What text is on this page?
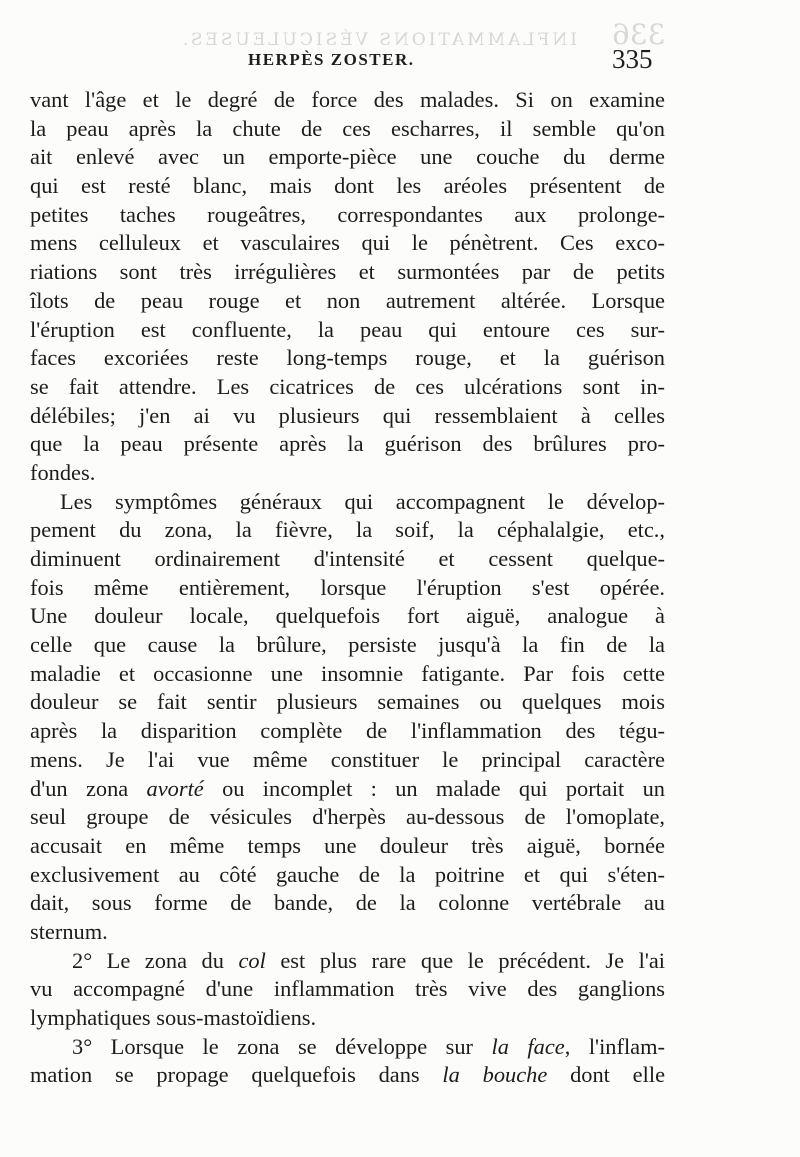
INFLAMMATIONS VÉSICULEUSES. 336
HERPÈS ZOSTER.	335
vant l'âge et le degré de force des malades. Si on examine
la peau après la chute de ces escharres, il semble qu'on
ait enlevé avec un emporte-pièce une couche du derme
qui est resté blanc, mais dont les aréoles présentent de
petites taches rougeâtres, correspondantes aux prolonge-
mens celluleux et vasculaires qui le pénètrent. Ces exco-
riations sont très irrégulières et surmontées par de petits
îlots de peau rouge et non autrement altérée. Lorsque
l'éruption est confluente, la peau qui entoure ces sur-
faces excoriées reste long-temps rouge, et la guérison
se fait attendre. Les cicatrices de ces ulcérations sont in-
délébiles; j'en ai vu plusieurs qui ressemblaient à celles
que la peau présente après la guérison des brûlures pro-
fondes.
Les symptômes généraux qui accompagnent le dévelop-
pement du zona, la fièvre, la soif, la céphalalgie, etc.,
diminuent ordinairement d'intensité et cessent quelque-
fois même entièrement, lorsque l'éruption s'est opérée.
Une douleur locale, quelquefois fort aiguë, analogue à
celle que cause la brûlure, persiste jusqu'à la fin de la
maladie et occasionne une insomnie fatigante. Par fois cette
douleur se fait sentir plusieurs semaines ou quelques mois
après la disparition complète de l'inflammation des tégu-
mens. Je l'ai vue même constituer le principal caractère
d'un zona avorté ou incomplet : un malade qui portait un
seul groupe de vésicules d'herpès au-dessous de l'omoplate,
accusait en même temps une douleur très aiguë, bornée
exclusivement au côté gauche de la poitrine et qui s'éten-
dait, sous forme de bande, de la colonne vertébrale au
sternum.
2° Le zona du col est plus rare que le précédent. Je l'ai
vu accompagné d'une inflammation très vive des ganglions
lymphatiques sous-mastoïdiens.
3° Lorsque le zona se développe sur la face, l'inflam-
mation se propage quelquefois dans la bouche dont elle
